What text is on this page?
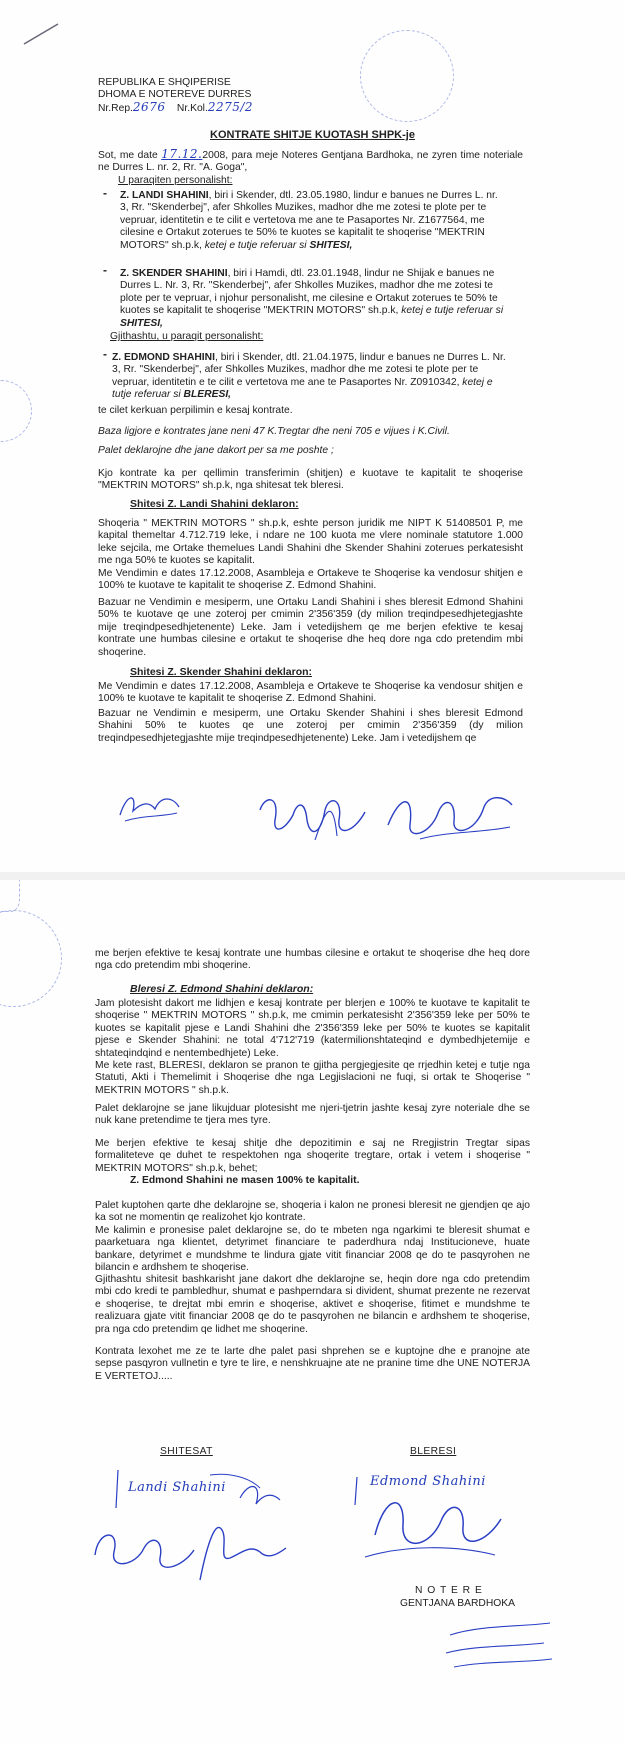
REPUBLIKA E SHQIPERISE
DHOMA E NOTEREVE DURRES
Nr.Rep.2676 Nr.Kol.2275/2
KONTRATE SHITJE KUOTASH SHPK-je
Sot, me date 17.12.2008, para meje Noteres Gentjana Bardhoka, ne zyren time noteriale ne Durres L. nr. 2, Rr. "A. Goga",
U paraqiten personalisht:
- Z. LANDI SHAHINI, biri i Skender, dtl. 23.05.1980, lindur e banues ne Durres L. nr. 3, Rr. "Skenderbej", afer Shkolles Muzikes, madhor dhe me zotesi te plote per te vepruar, identitetin e te cilit e vertetova me ane te Pasaportes Nr. Z1677564, me cilesine e Ortakut zoterues te 50% te kuotes se kapitalit te shoqerise "MEKTRIN MOTORS" sh.p.k, ketej e tutje referuar si SHITESI,
- Z. SKENDER SHAHINI, biri i Hamdi, dtl. 23.01.1948, lindur ne Shijak e banues ne Durres L. Nr. 3, Rr. "Skenderbej", afer Shkolles Muzikes, madhor dhe me zotesi te plote per te vepruar, i njohur personalisht, me cilesine e Ortakut zoterues te 50% te kuotes se kapitalit te shoqerise "MEKTRIN MOTORS" sh.p.k, ketej e tutje referuar si SHITESI,
Gjithashtu, u paraqit personalisht:
- Z. EDMOND SHAHINI, biri i Skender, dtl. 21.04.1975, lindur e banues ne Durres L. Nr. 3, Rr. "Skenderbej", afer Shkolles Muzikes, madhor dhe me zotesi te plote per te vepruar, identitetin e te cilit e vertetova me ane te Pasaportes Nr. Z0910342, ketej e tutje referuar si BLERESI,
te cilet kerkuan perpilimin e kesaj kontrate.
Baza ligjore e kontrates jane neni 47 K.Tregtar dhe neni 705 e vijues i K.Civil.
Palet deklarojne dhe jane dakort per sa me poshte ;
Kjo kontrate ka per qellimin transferimin (shitjen) e kuotave te kapitalit te shoqerise "MEKTRIN MOTORS" sh.p.k, nga shitesat tek bleresi.
Shitesi Z. Landi Shahini deklaron:
Shoqeria " MEKTRIN MOTORS " sh.p.k, eshte person juridik me NIPT K 51408501 P, me kapital themeltar 4.712.719 leke, i ndare ne 100 kuota me vlere nominale statutore 1.000 leke sejcila, me Ortake themelues Landi Shahini dhe Skender Shahini zoterues perkatesisht me nga 50% te kuotes se kapitalit.
Me Vendimin e dates 17.12.2008, Asambleja e Ortakeve te Shoqerise ka vendosur shitjen e 100% te kuotave te kapitalit te shoqerise Z. Edmond Shahini.
Bazuar ne Vendimin e mesiperm, une Ortaku Landi Shahini i shes bleresit Edmond Shahini 50% te kuotave qe une zoteroj per cmimin 2'356'359 (dy milion treqindpesedhjetegjashte mije treqindpesedhjetenente) Leke. Jam i vetedijshem qe me berjen efektive te kesaj kontrate une humbas cilesine e ortakut te shoqerise dhe heq dore nga cdo pretendim mbi shoqerine.
Shitesi Z. Skender Shahini deklaron:
Me Vendimin e dates 17.12.2008, Asambleja e Ortakeve te Shoqerise ka vendosur shitjen e 100% te kuotave te kapitalit te shoqerise Z. Edmond Shahini.
Bazuar ne Vendimin e mesiperm, une Ortaku Skender Shahini i shes bleresit Edmond Shahini 50% te kuotes qe une zoteroj per cmimin 2'356'359 (dy milion treqindpesedhjetegjashte mije treqindpesedhjetenente) Leke. Jam i vetedijshem qe
me berjen efektive te kesaj kontrate une humbas cilesine e ortakut te shoqerise dhe heq dore nga cdo pretendim mbi shoqerine.
Bleresi Z. Edmond Shahini deklaron:
Jam plotesisht dakort me lidhjen e kesaj kontrate per blerjen e 100% te kuotave te kapitalit te shoqerise " MEKTRIN MOTORS " sh.p.k, me cmimin perkatesisht 2'356'359 leke per 50% te kuotes se kapitalit pjese e Landi Shahini dhe 2'356'359 leke per 50% te kuotes se kapitalit pjese e Skender Shahini: ne total 4'712'719 (katermilionshtateqind e dymbedhjetemije e shtateqindqind e nentembedhjete) Leke.
Me kete rast, BLERESI, deklaron se pranon te gjitha pergjegjesite qe rrjedhin ketej e tutje nga Statuti, Akti i Themelimit i Shoqerise dhe nga Legjislacioni ne fuqi, si ortak te Shoqerise " MEKTRIN MOTORS " sh.p.k.
Palet deklarojne se jane likujduar plotesisht me njeri-tjetrin jashte kesaj zyre noteriale dhe se nuk kane pretendime te tjera mes tyre.
Me berjen efektive te kesaj shitje dhe depozitimin e saj ne Rregjistrin Tregtar sipas formaliteteve qe duhet te respektohen nga shoqerite tregtare, ortak i vetem i shoqerise " MEKTRIN MOTORS" sh.p.k, behet;
Z. Edmond Shahini ne masen 100% te kapitalit.
Palet kuptohen qarte dhe deklarojne se, shoqeria i kalon ne pronesi bleresit ne gjendjen qe ajo ka sot ne momentin qe realizohet kjo kontrate.
Me kalimin e pronesise palet deklarojne se, do te mbeten nga ngarkimi te bleresit shumat e paarketuara nga klientet, detyrimet financiare te paderdhura ndaj Institucioneve, huate bankare, detyrimet e mundshme te lindura gjate vitit financiar 2008 qe do te pasqyrohen ne bilancin e ardhshem te shoqerise.
Gjithashtu shitesit bashkarisht jane dakort dhe deklarojne se, heqin dore nga cdo pretendim mbi cdo kredi te pambledhur, shumat e pashperndara si divident, shumat prezente ne rezervat e shoqerise, te drejtat mbi emrin e shoqerise, aktivet e shoqerise, fitimet e mundshme te realizuara gjate vitit financiar 2008 qe do te pasqyrohen ne bilancin e ardhshem te shoqerise, pra nga cdo pretendim qe lidhet me shoqerine.
Kontrata lexohet me ze te larte dhe palet pasi shprehen se e kuptojne dhe e pranojne ate sepse pasqyron vullnetin e tyre te lire, e nenshkruajne ate ne pranine time dhe UNE NOTERJA E VERTETOJ.....
SHITESAT	BLERESI
Landi Shahini	Edmond Shahini
N O T E R E
GENTJANA BARDHOKA
